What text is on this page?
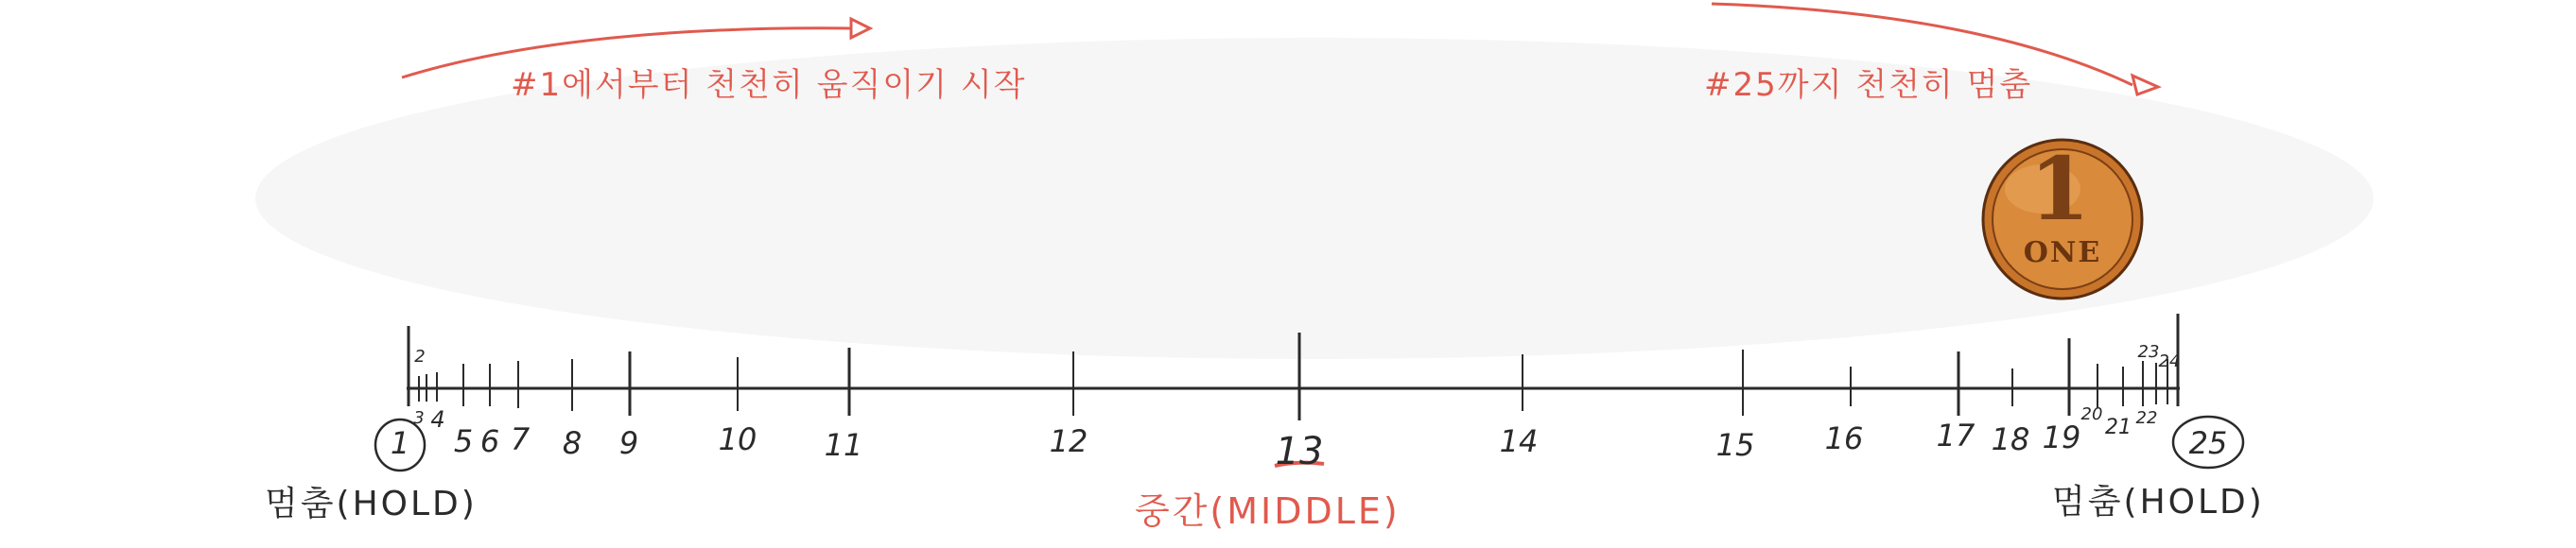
1
ONE
#1에서부터 천천히 움직이기 시작	#25까지 천천히 멈춤
1
2
3 4
5 6 7 8 9	10 11	12	13	14	15 16 17 18 19
20
21 22
23 24
25
멈춤(HOLD)	중간(MIDDLE)	멈춤(HOLD)
